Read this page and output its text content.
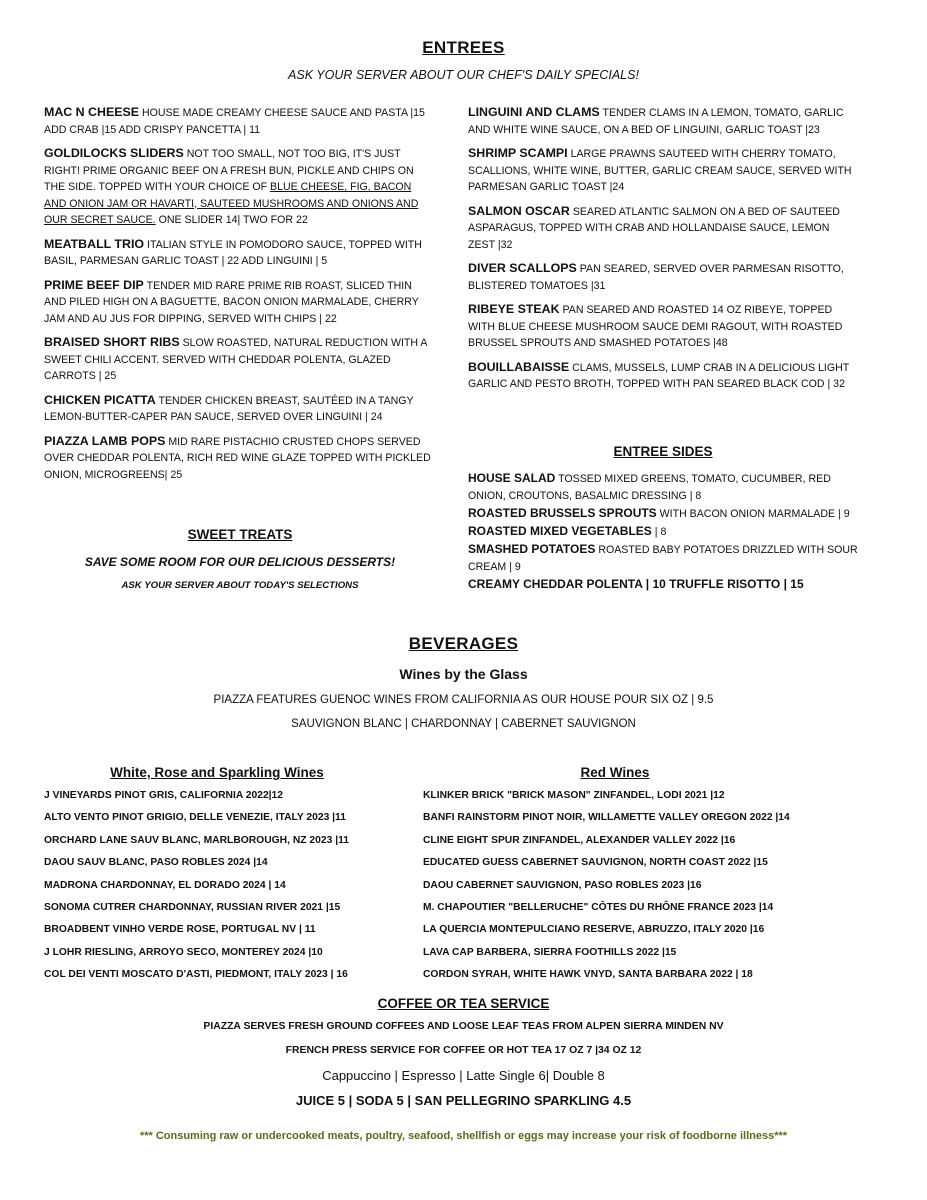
ENTREES
ASK YOUR SERVER ABOUT OUR CHEF'S DAILY SPECIALS!

MAC N CHEESE HOUSE MADE CREAMY CHEESE SAUCE AND PASTA |15 ADD CRAB |15 ADD CRISPY PANCETTA | 11

GOLDILOCKS SLIDERS NOT TOO SMALL, NOT TOO BIG, IT'S JUST RIGHT! PRIME ORGANIC BEEF ON A FRESH BUN, PICKLE AND CHIPS ON THE SIDE. TOPPED WITH YOUR CHOICE OF BLUE CHEESE, FIG, BACON AND ONION JAM OR HAVARTI, SAUTEED MUSHROOMS AND ONIONS AND OUR SECRET SAUCE. ONE SLIDER 14| TWO FOR 22

MEATBALL TRIO ITALIAN STYLE IN POMODORO SAUCE, TOPPED WITH BASIL, PARMESAN GARLIC TOAST | 22 ADD LINGUINI | 5

PRIME BEEF DIP TENDER MID RARE PRIME RIB ROAST, SLICED THIN AND PILED HIGH ON A BAGUETTE, BACON ONION MARMALADE, CHERRY JAM AND AU JUS FOR DIPPING, SERVED WITH CHIPS | 22

BRAISED SHORT RIBS SLOW ROASTED, NATURAL REDUCTION WITH A SWEET CHILI ACCENT. SERVED WITH CHEDDAR POLENTA, GLAZED CARROTS | 25

CHICKEN PICATTA TENDER CHICKEN BREAST, SAUTÉED IN A TANGY LEMON-BUTTER-CAPER PAN SAUCE, SERVED OVER LINGUINI | 24

PIAZZA LAMB POPS MID RARE PISTACHIO CRUSTED CHOPS SERVED OVER CHEDDAR POLENTA, RICH RED WINE GLAZE TOPPED WITH PICKLED ONION, MICROGREENS| 25

LINGUINI AND CLAMS TENDER CLAMS IN A LEMON, TOMATO, GARLIC AND WHITE WINE SAUCE, ON A BED OF LINGUINI, GARLIC TOAST |23

SHRIMP SCAMPI LARGE PRAWNS SAUTEED WITH CHERRY TOMATO, SCALLIONS, WHITE WINE, BUTTER, GARLIC CREAM SAUCE, SERVED WITH PARMESAN GARLIC TOAST |24

SALMON OSCAR SEARED ATLANTIC SALMON ON A BED OF SAUTEED ASPARAGUS, TOPPED WITH CRAB AND HOLLANDAISE SAUCE, LEMON ZEST |32

DIVER SCALLOPS PAN SEARED, SERVED OVER PARMESAN RISOTTO, BLISTERED TOMATOES |31

RIBEYE STEAK PAN SEARED AND ROASTED 14 OZ RIBEYE, TOPPED WITH BLUE CHEESE MUSHROOM SAUCE DEMI RAGOUT, WITH ROASTED BRUSSEL SPROUTS AND SMASHED POTATOES |48

BOUILLABAISSE CLAMS, MUSSELS, LUMP CRAB IN A DELICIOUS LIGHT GARLIC AND PESTO BROTH, TOPPED WITH PAN SEARED BLACK COD | 32

ENTREE SIDES
HOUSE SALAD TOSSED MIXED GREENS, TOMATO, CUCUMBER, RED ONION, CROUTONS, BASALMIC DRESSING | 8
ROASTED BRUSSELS SPROUTS WITH BACON ONION MARMALADE | 9
ROASTED MIXED VEGETABLES | 8
SMASHED POTATOES ROASTED BABY POTATOES DRIZZLED WITH SOUR CREAM | 9
CREAMY CHEDDAR POLENTA | 10 TRUFFLE RISOTTO | 15
SWEET TREATS
SAVE SOME ROOM FOR OUR DELICIOUS DESSERTS!
ASK YOUR SERVER ABOUT TODAY'S SELECTIONS
BEVERAGES
Wines by the Glass
PIAZZA FEATURES GUENOC WINES FROM CALIFORNIA AS OUR HOUSE POUR SIX OZ | 9.5
SAUVIGNON BLANC | CHARDONNAY | CABERNET SAUVIGNON
White, Rose and Sparkling Wines
J VINEYARDS PINOT GRIS, CALIFORNIA 2022|12
ALTO VENTO PINOT GRIGIO, DELLE VENEZIE, ITALY 2023 |11
ORCHARD LANE SAUV BLANC, MARLBOROUGH, NZ 2023 |11
DAOU SAUV BLANC, PASO ROBLES 2024 |14
MADRONA CHARDONNAY, EL DORADO 2024 | 14
SONOMA CUTRER CHARDONNAY, RUSSIAN RIVER 2021 |15
BROADBENT VINHO VERDE ROSE, PORTUGAL NV | 11
J LOHR RIESLING, ARROYO SECO, MONTEREY 2024 |10
COL DEI VENTI MOSCATO D'ASTI, PIEDMONT, ITALY 2023 | 16
Red Wines
KLINKER BRICK "BRICK MASON" ZINFANDEL, LODI 2021 |12
BANFI RAINSTORM PINOT NOIR, WILLAMETTE VALLEY OREGON 2022 |14
CLINE EIGHT SPUR ZINFANDEL, ALEXANDER VALLEY 2022 |16
EDUCATED GUESS CABERNET SAUVIGNON, NORTH COAST 2022 |15
DAOU CABERNET SAUVIGNON, PASO ROBLES 2023 |16
M. CHAPOUTIER "BELLERUCHE" CÔTES DU RHÔNE FRANCE 2023 |14
LA QUERCIA MONTEPULCIANO RESERVE, ABRUZZO, ITALY 2020 |16
LAVA CAP BARBERA, SIERRA FOOTHILLS 2022 |15
CORDON SYRAH, WHITE HAWK VNYD, SANTA BARBARA 2022 | 18
COFFEE OR TEA SERVICE
PIAZZA SERVES FRESH GROUND COFFEES AND LOOSE LEAF TEAS FROM ALPEN SIERRA MINDEN NV
FRENCH PRESS SERVICE FOR COFFEE OR HOT TEA 17 OZ 7 |34 OZ 12
Cappuccino | Espresso | Latte Single 6| Double 8
JUICE 5 | SODA 5 | SAN PELLEGRINO SPARKLING 4.5
*** Consuming raw or undercooked meats, poultry, seafood, shellfish or eggs may increase your risk of foodborne illness***
